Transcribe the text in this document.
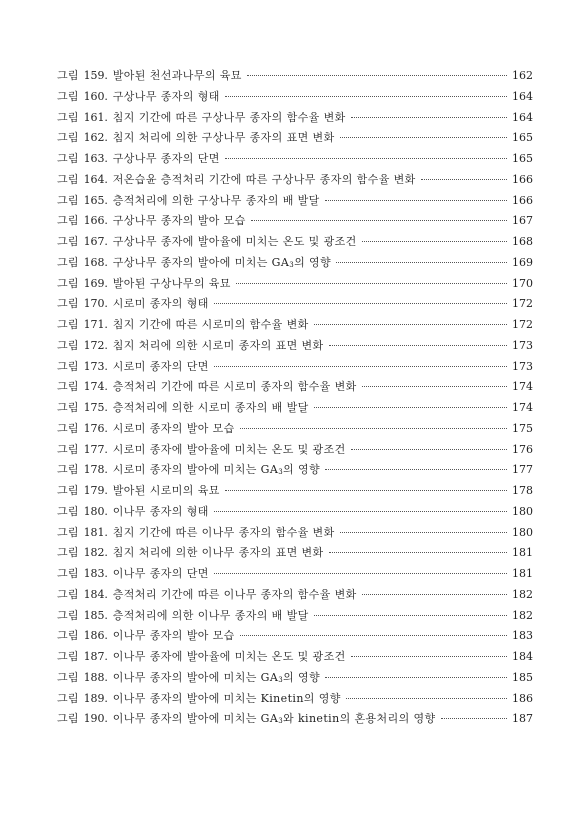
그림 159. 발아된 천선과나무의 육묘	162
그림 160. 구상나무 종자의 형태	164
그림 161. 침지 기간에 따른 구상나무 종자의 함수율 변화	164
그림 162. 침지 처리에 의한 구상나무 종자의 표면 변화	165
그림 163. 구상나무 종자의 단면	165
그림 164. 저온습윤 층적처리 기간에 따른 구상나무 종자의 함수율 변화	166
그림 165. 층적처리에 의한 구상나무 종자의 배 발달	166
그림 166. 구상나무 종자의 발아 모습	167
그림 167. 구상나무 종자에 발아율에 미치는 온도 및 광조건	168
그림 168. 구상나무 종자의 발아에 미치는 $GA_3$의 영향	169
그림 169. 발아된 구상나무의 육묘	170
그림 170. 시로미 종자의 형태	172
그림 171. 침지 기간에 따른 시로미의 함수율 변화	172
그림 172. 침지 처리에 의한 시로미 종자의 표면 변화	173
그림 173. 시로미 종자의 단면	173
그림 174. 층적처리 기간에 따른 시로미 종자의 함수율 변화	174
그림 175. 층적처리에 의한 시로미 종자의 배 발달	174
그림 176. 시로미 종자의 발아 모습	175
그림 177. 시로미 종자에 발아율에 미치는 온도 및 광조건	176
그림 178. 시로미 종자의 발아에 미치는 $GA_3$의 영향	177
그림 179. 발아된 시로미의 육묘	178
그림 180. 이나무 종자의 형태	180
그림 181. 침지 기간에 따른 이나무 종자의 함수율 변화	180
그림 182. 침지 처리에 의한 이나무 종자의 표면 변화	181
그림 183. 이나무 종자의 단면	181
그림 184. 층적처리 기간에 따른 이나무 종자의 함수율 변화	182
그림 185. 층적처리에 의한 이나무 종자의 배 발달	182
그림 186. 이나무 종자의 발아 모습	183
그림 187. 이나무 종자에 발아율에 미치는 온도 및 광조건	184
그림 188. 이나무 종자의 발아에 미치는 $GA_3$의 영향	185
그림 189. 이나무 종자의 발아에 미치는 Kinetin의 영향	186
그림 190. 이나무 종자의 발아에 미치는 $GA_3$와 kinetin의 혼용처리의 영향	187
